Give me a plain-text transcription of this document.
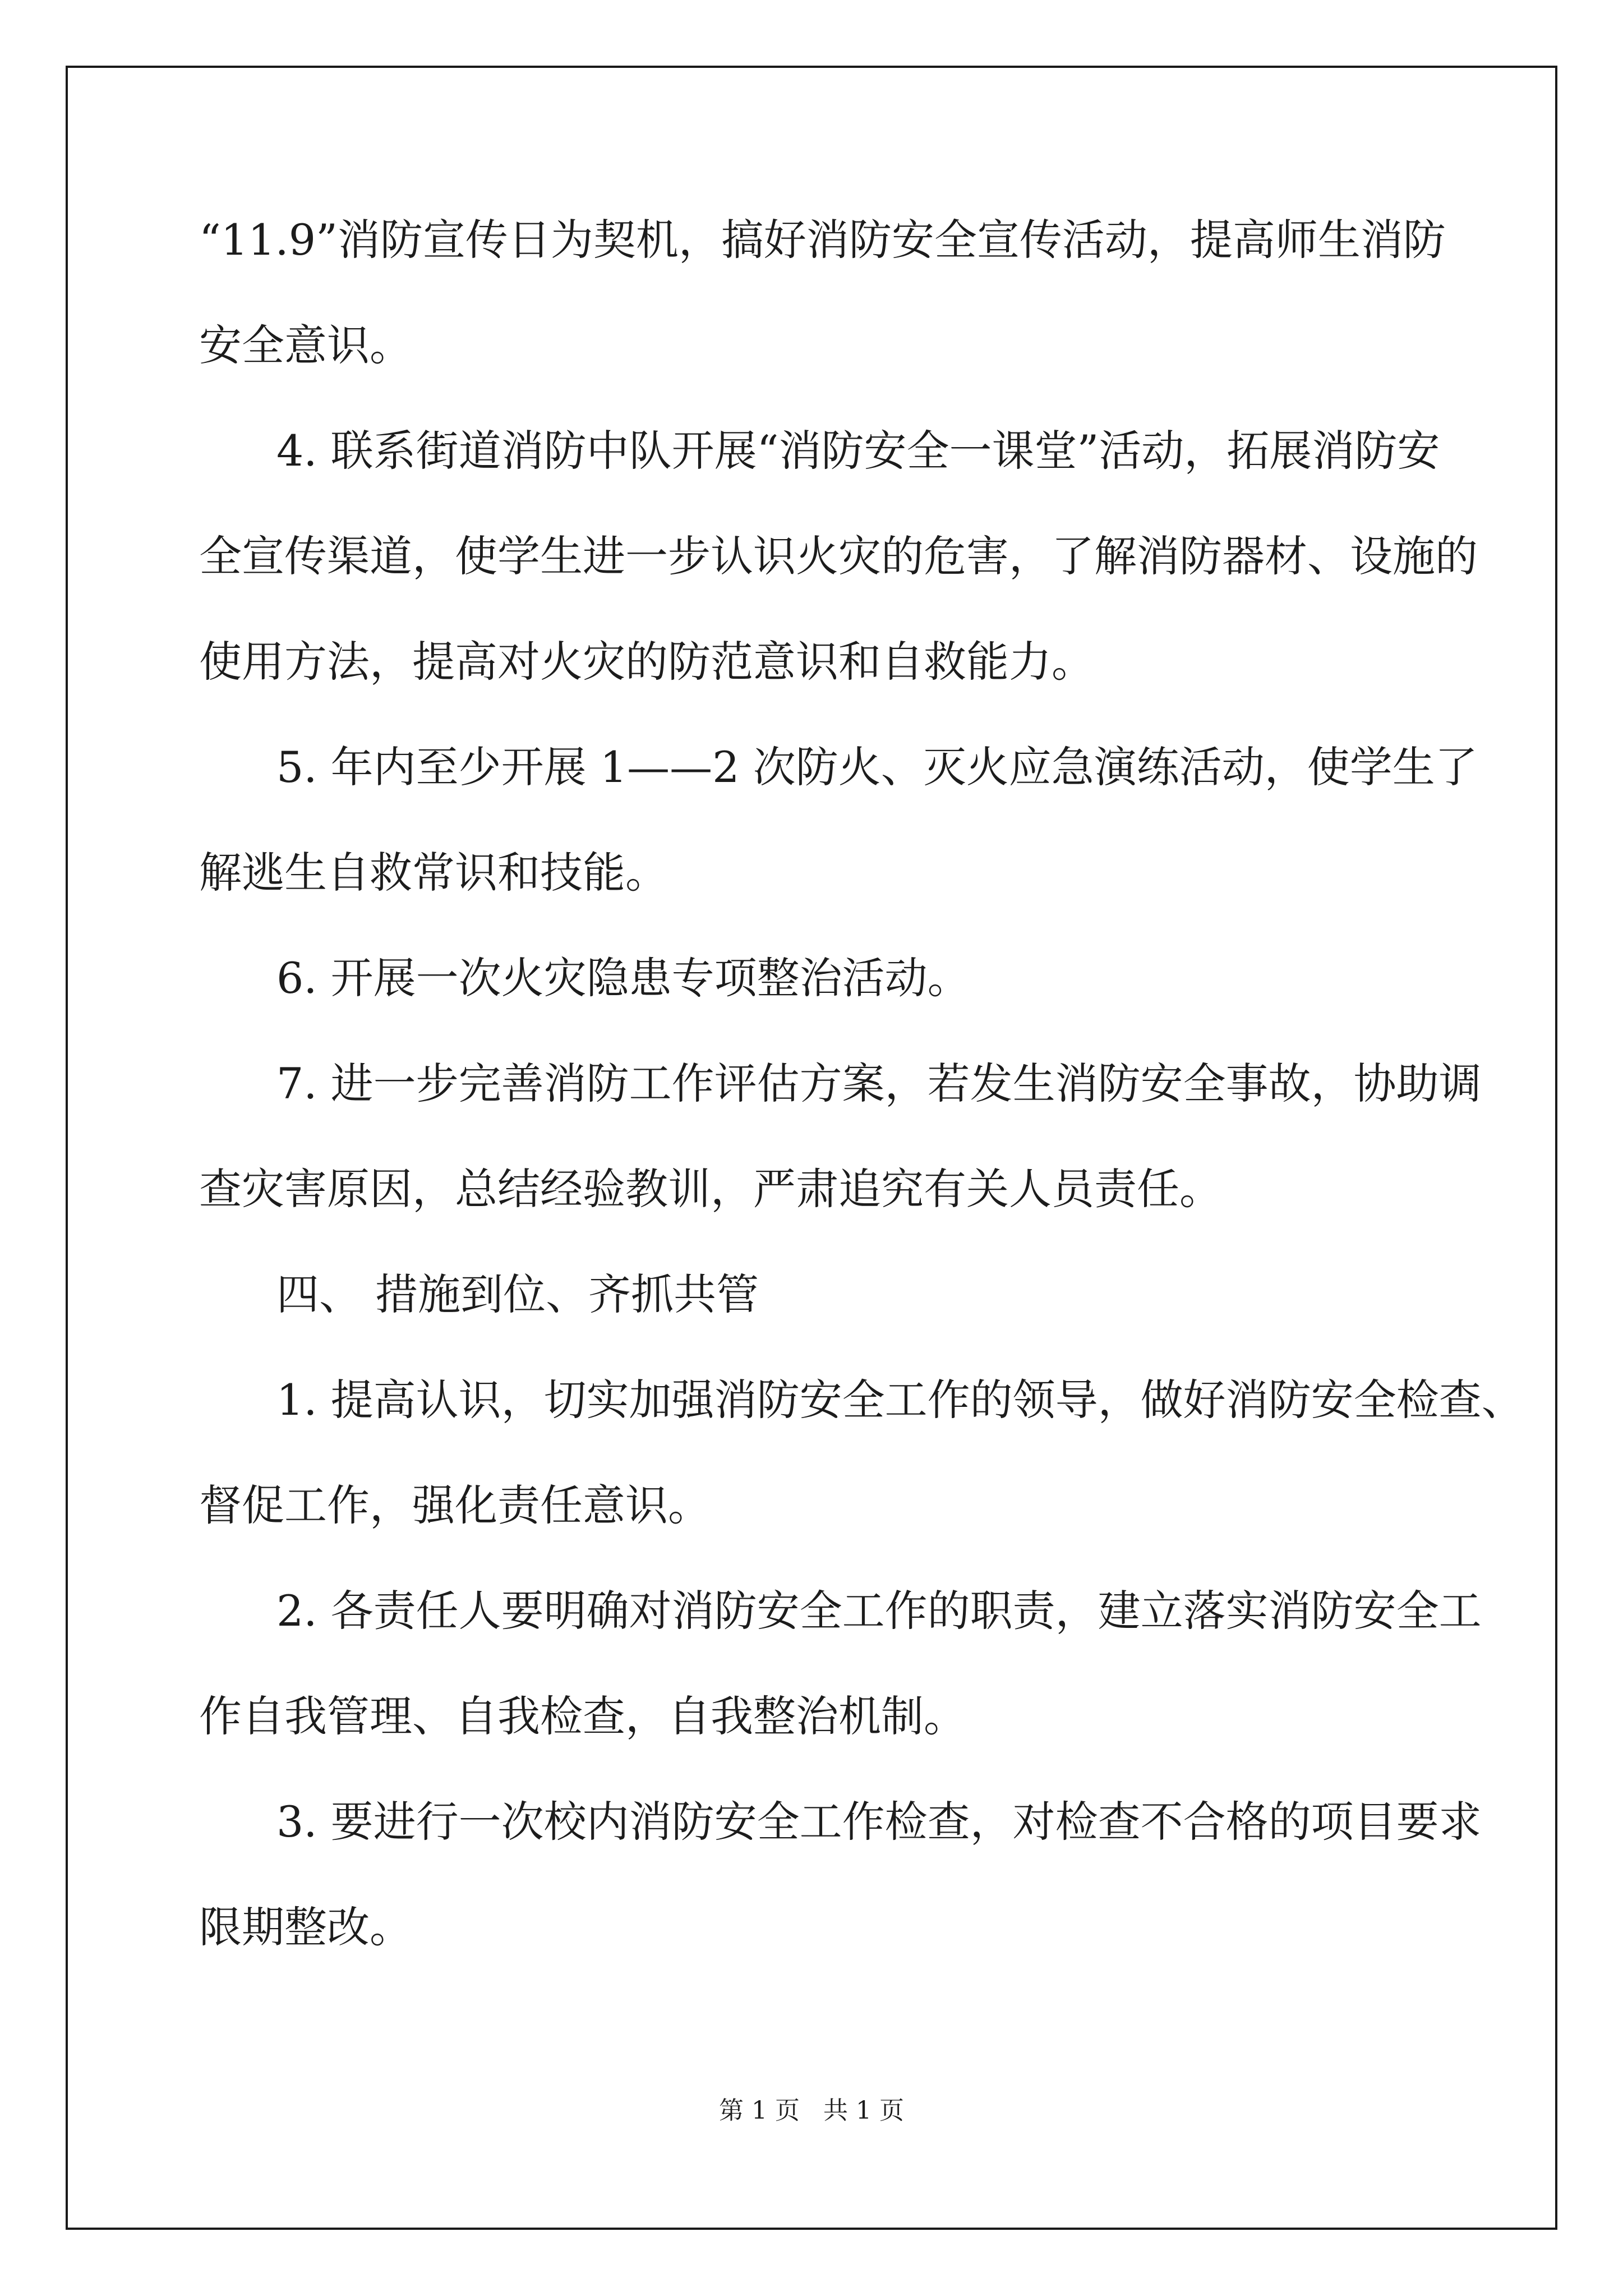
“11.9”消防宣传日为契机，搞好消防安全宣传活动，提高师生消防
安全意识。
4. 联系街道消防中队开展“消防安全一课堂”活动，拓展消防安
全宣传渠道，使学生进一步认识火灾的危害，了解消防器材、设施的
使用方法，提高对火灾的防范意识和自救能力。
5. 年内至少开展 1——2 次防火、灭火应急演练活动，使学生了
解逃生自救常识和技能。
6. 开展一次火灾隐患专项整治活动。
7. 进一步完善消防工作评估方案，若发生消防安全事故，协助调
查灾害原因，总结经验教训，严肃追究有关人员责任。
四、 措施到位、齐抓共管
1. 提高认识，切实加强消防安全工作的领导，做好消防安全检查、
督促工作，强化责任意识。
2. 各责任人要明确对消防安全工作的职责，建立落实消防安全工
作自我管理、自我检查，自我整治机制。
3. 要进行一次校内消防安全工作检查，对检查不合格的项目要求
限期整改。
第 1 页 共 1 页
